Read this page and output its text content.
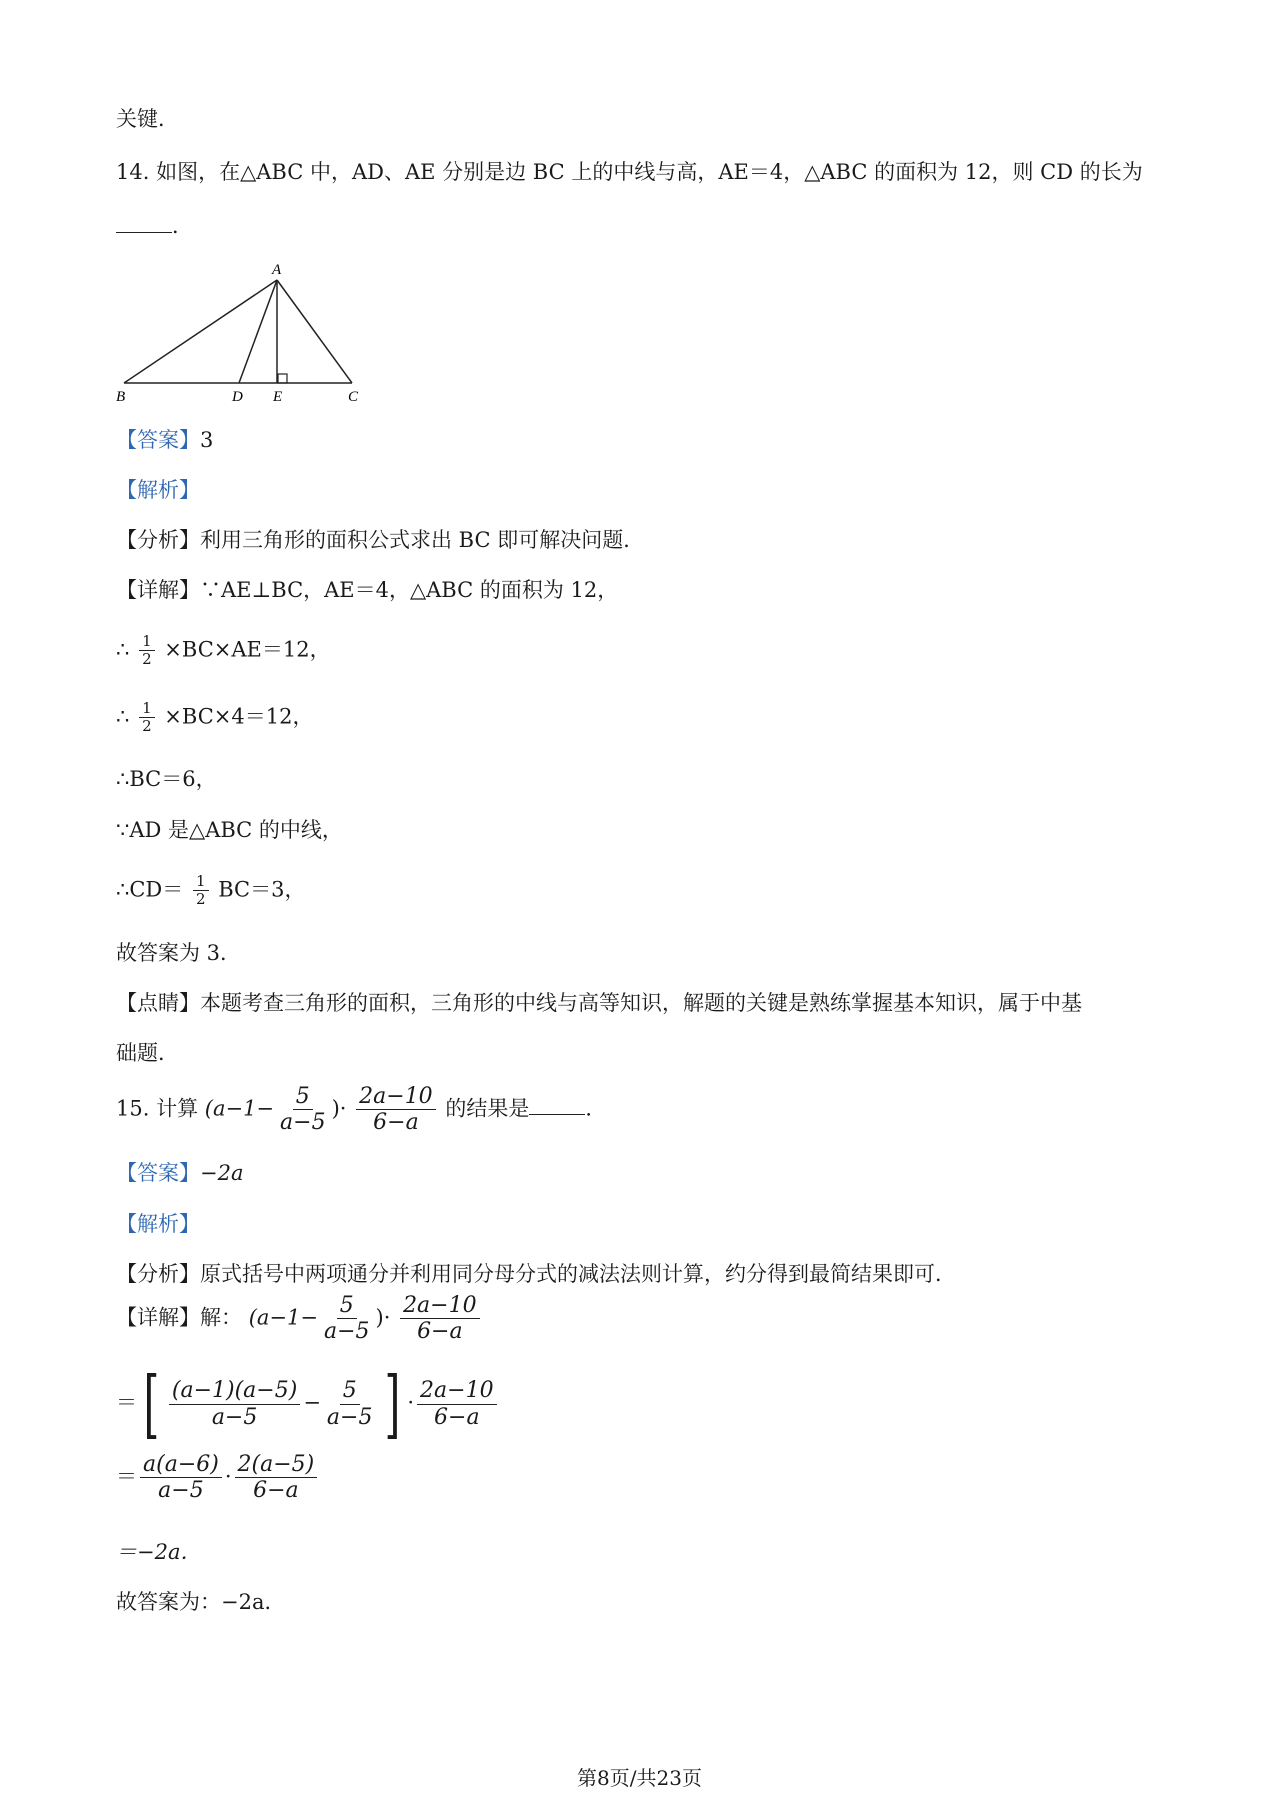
关键．
14. 如图，在△ABC 中，AD、AE 分别是边 BC 上的中线与高，AE＝4，△ABC 的面积为 12，则 CD 的长为
．
A
B	D E	C
【答案】3
【解析】
【分析】利用三角形的面积公式求出 BC 即可解决问题．
【详解】∵AE⊥BC，AE＝4，△ABC 的面积为 12，
∴ $\frac{1}{2} \times BC\times AE=12$，
∴ $\frac{1}{2} \times BC\times 4=12$，
∴BC＝6，
∵AD 是△ABC 的中线，
∴CD＝ $\frac{1}{2} BC=3$，
故答案为 3．
【点睛】本题考查三角形的面积，三角形的中线与高等知识，解题的关键是熟练掌握基本知识，属于中基
础题．
15. 计算 ($a-1- \frac{5}{a-5}$ )· $\frac{2a-10}{6-a}$ 的结果是	．
【答案】−2a
【解析】
【分析】原式括号中两项通分并利用同分母分式的减法法则计算，约分得到最简结果即可．
【详解】解： ($a-1- \frac{5}{a-5}$ )· $\frac{2a-10}{6-a}$
＝[ $\frac{(a-1)(a-5)}{a-5} - \frac{5}{a-5}$ ] · $\frac{2a-10}{6-a}$
＝ $\frac{a(a-6)}{a-5} \cdot \frac{2(a-5)}{6-a}$
＝−2a．
故答案为：−2a．
第8页/共23页
